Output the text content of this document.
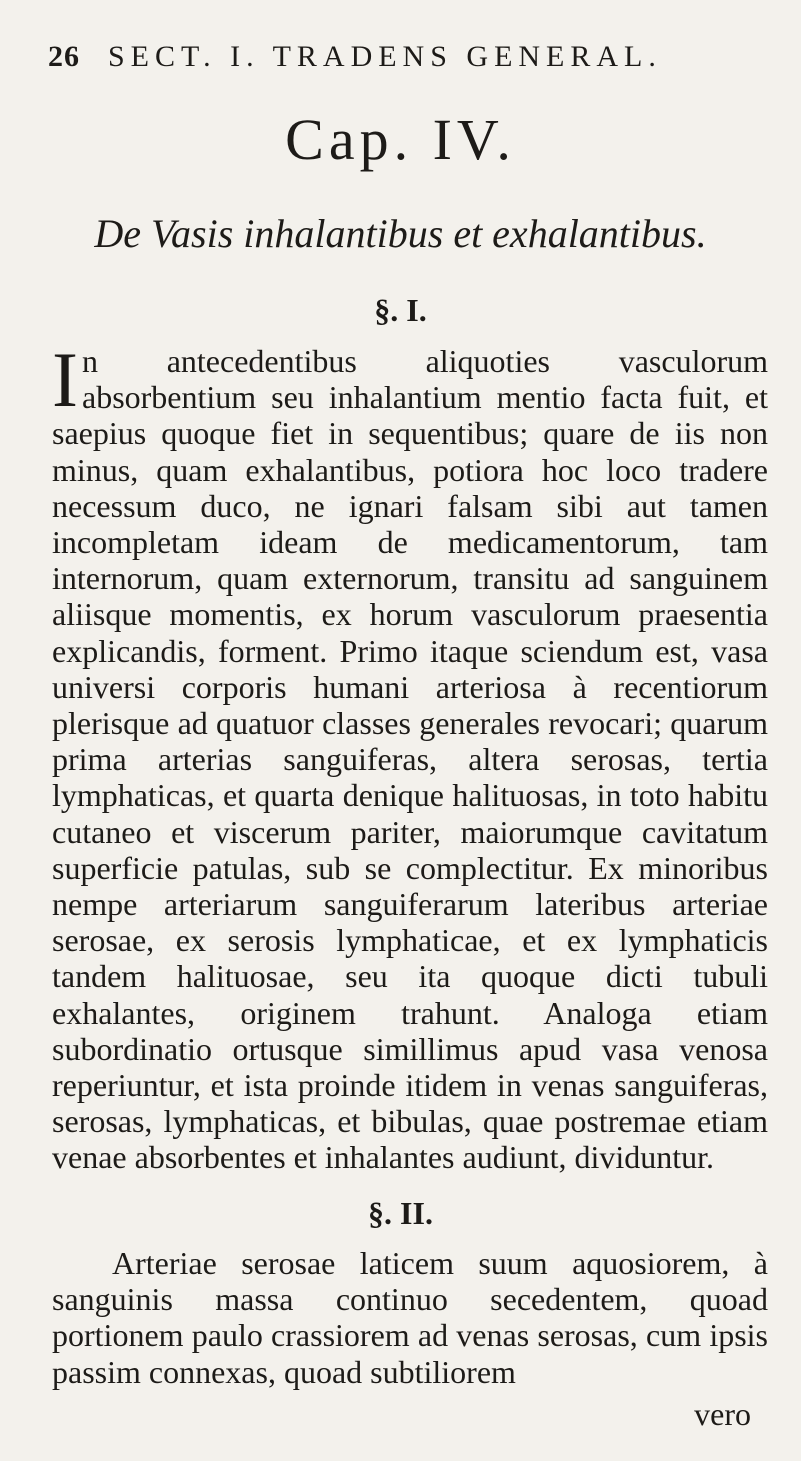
26 SECT. I. TRADENS GENERAL.
Cap. IV.
De Vasis inhalantibus et exhalantibus.
§. I.

In antecedentibus aliquoties vasculorum absorbentium seu inhalantium mentio facta fuit, et saepius quoque fiet in sequentibus; quare de iis non minus, quam exhalantibus, potiora hoc loco tradere necessum duco, ne ignari falsam sibi aut tamen incompletam ideam de medicamentorum, tam internorum, quam externorum, transitu ad sanguinem aliisque momentis, ex horum vasculorum praesentia explicandis, forment. Primo itaque sciendum est, vasa universi corporis humani arteriosa à recentiorum plerisque ad quatuor classes generales revocari; quarum prima arterias sanguiferas, altera serosas, tertia lymphaticas, et quarta denique halituosas, in toto habitu cutaneo et viscerum pariter, maiorumque cavitatum superficie patulas, sub se complectitur. Ex minoribus nempe arteriarum sanguiferarum lateribus arteriae serosae, ex serosis lymphaticae, et ex lymphaticis tandem halituosae, seu ita quoque dicti tubuli exhalantes, originem trahunt. Analoga etiam subordinatio ortusque simillimus apud vasa venosa reperiuntur, et ista proinde itidem in venas sanguiferas, serosas, lymphaticas, et bibulas, quae postremae etiam venae absorbentes et inhalantes audiunt, dividuntur.

§. II.

Arteriae serosae laticem suum aquosiorem, à sanguinis massa continuo secedentem, quoad portionem paulo crassiorem ad venas serosas, cum ipsis passim connexas, quoad subtiliorem

vero
